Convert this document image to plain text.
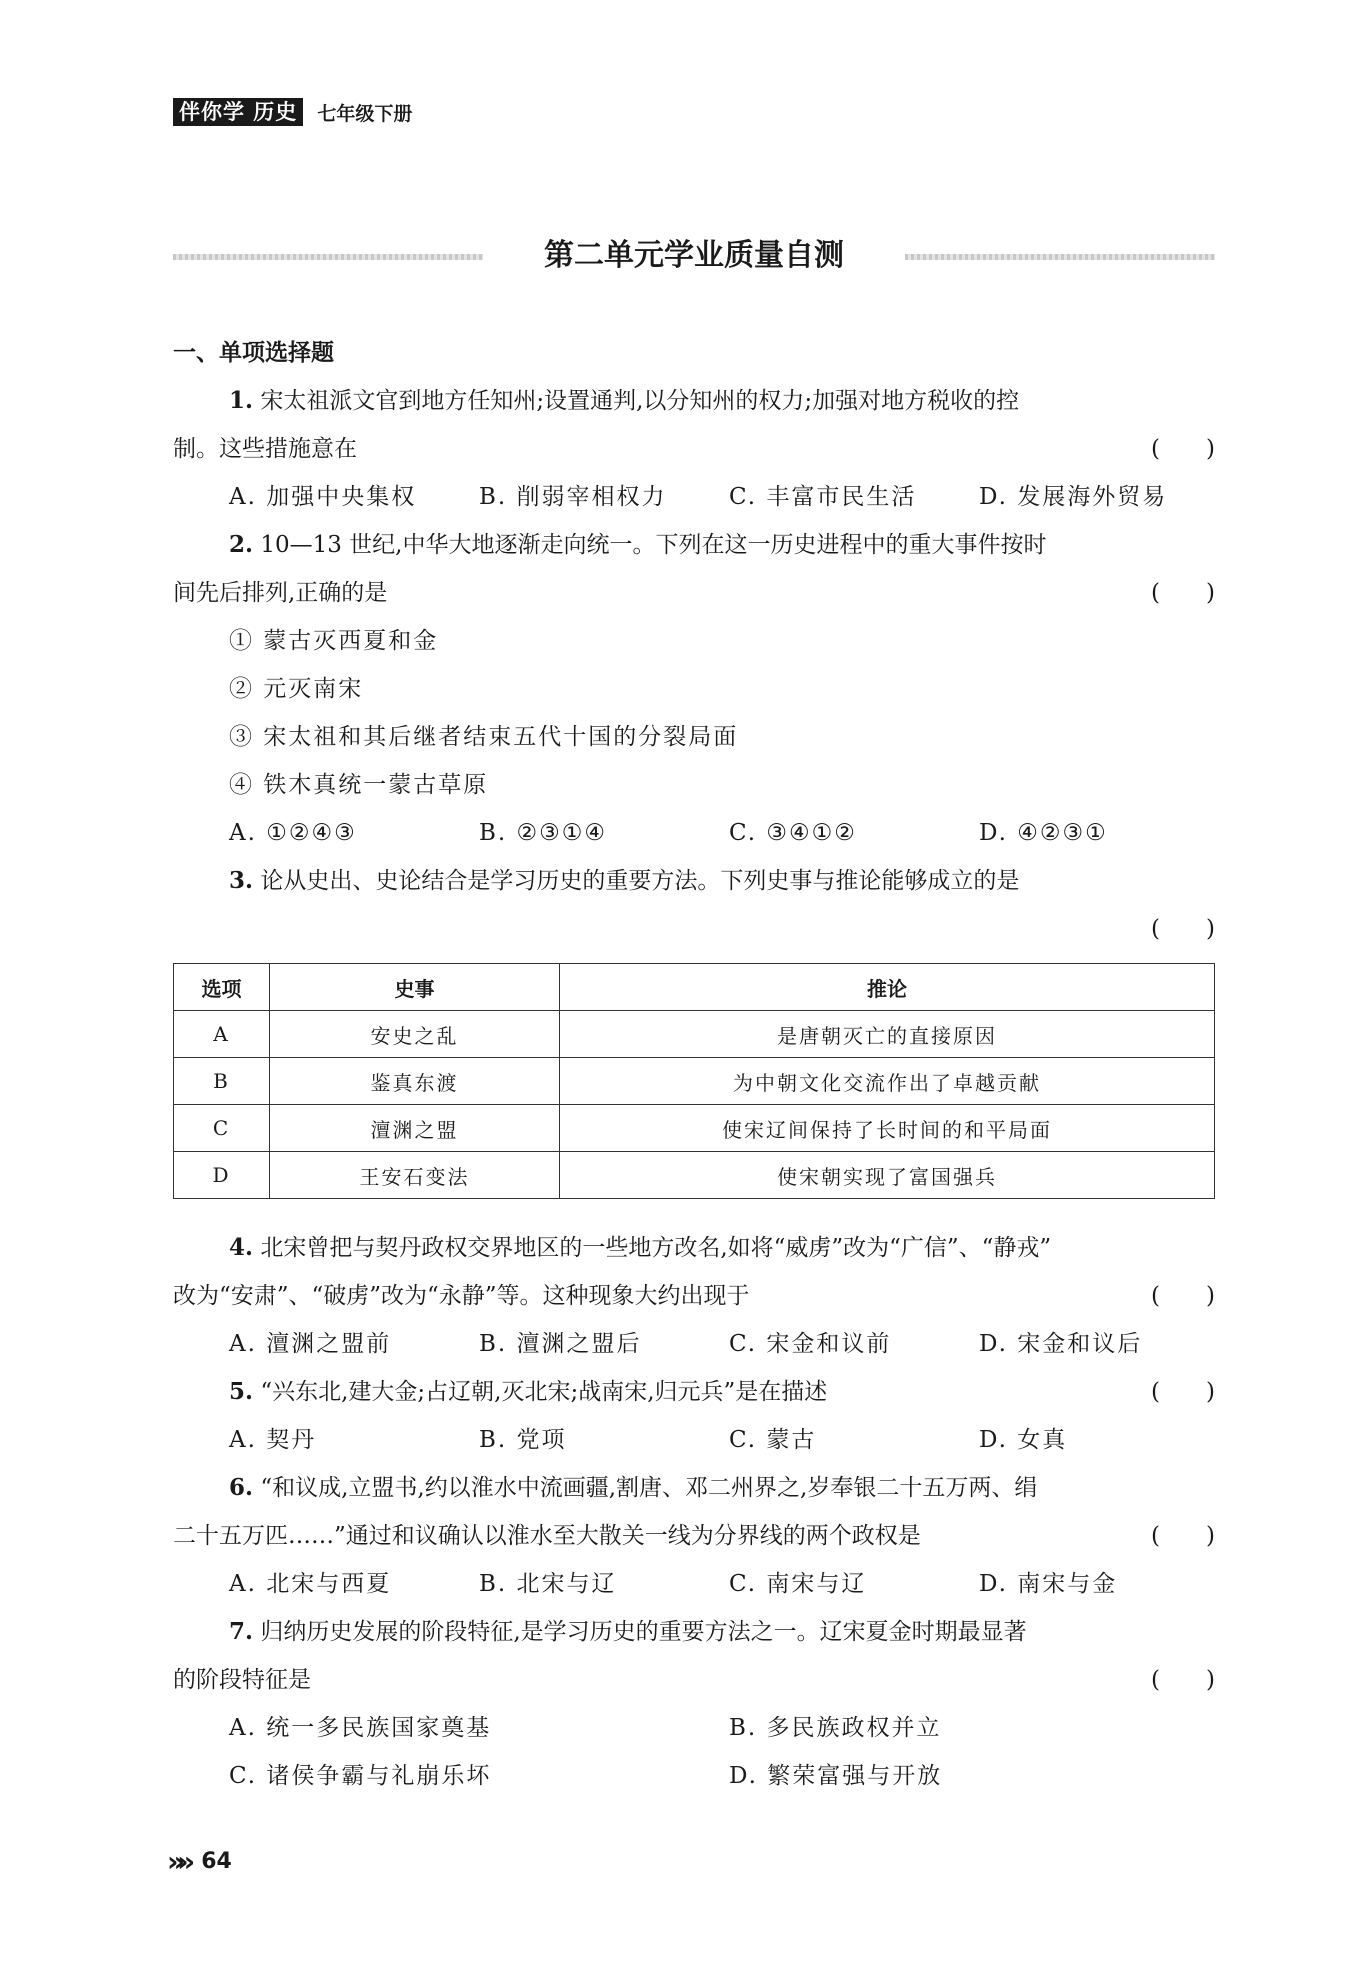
伴你学 历史	七年级下册
第二单元学业质量自测
一、单项选择题
1. 宋太祖派文官到地方任知州;设置通判,以分知州的权力;加强对地方税收的控
制。这些措施意在	(　　)
A. 加强中央集权	B. 削弱宰相权力	C. 丰富市民生活	D. 发展海外贸易
2. 10—13 世纪,中华大地逐渐走向统一。下列在这一历史进程中的重大事件按时
间先后排列,正确的是	(　　)
① 蒙古灭西夏和金
② 元灭南宋
③ 宋太祖和其后继者结束五代十国的分裂局面
④ 铁木真统一蒙古草原
A. ①②④③	B. ②③①④	C. ③④①②	D. ④②③①
3. 论从史出、史论结合是学习历史的重要方法。下列史事与推论能够成立的是
(　　)
选项	史事	推论
A	安史之乱	是唐朝灭亡的直接原因
B	鉴真东渡	为中朝文化交流作出了卓越贡献
C	澶渊之盟	使宋辽间保持了长时间的和平局面
D	王安石变法	使宋朝实现了富国强兵
4. 北宋曾把与契丹政权交界地区的一些地方改名,如将“威虏”改为“广信”、“静戎”
改为“安肃”、“破虏”改为“永静”等。这种现象大约出现于	(　　)
A. 澶渊之盟前	B. 澶渊之盟后	C. 宋金和议前	D. 宋金和议后
5. “兴东北,建大金;占辽朝,灭北宋;战南宋,归元兵”是在描述	(　　)
A. 契丹	B. 党项	C. 蒙古	D. 女真
6. “和议成,立盟书,约以淮水中流画疆,割唐、邓二州界之,岁奉银二十五万两、绢
二十五万匹……”通过和议确认以淮水至大散关一线为分界线的两个政权是	(　　)
A. 北宋与西夏	B. 北宋与辽	C. 南宋与辽	D. 南宋与金
7. 归纳历史发展的阶段特征,是学习历史的重要方法之一。辽宋夏金时期最显著
的阶段特征是	(　　)
A. 统一多民族国家奠基	B. 多民族政权并立
C. 诸侯争霸与礼崩乐坏	D. 繁荣富强与开放
»» 64
